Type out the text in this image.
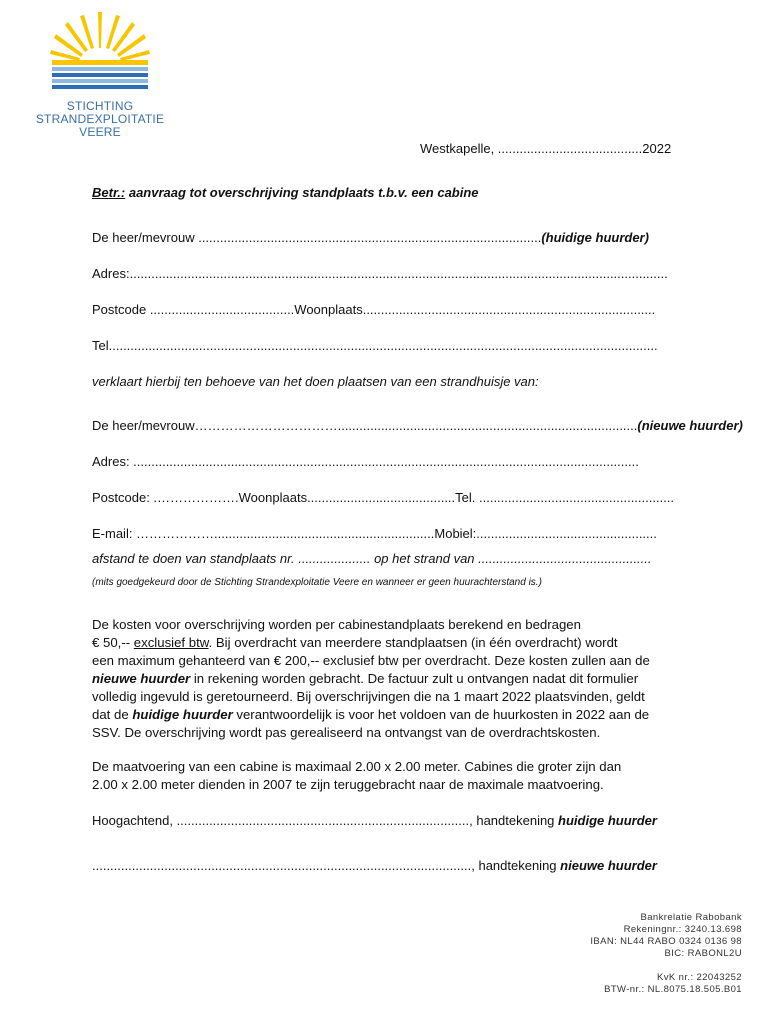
STICHTING
STRANDEXPLOITATIE
VEERE
Westkapelle, ........................................2022
Betr.: aanvraag tot overschrijving standplaats t.b.v. een cabine
De heer/mevrouw ...............................................................................................(huidige huurder)
Adres:.....................................................................................................................................................
Postcode ........................................Woonplaats.................................................................................
Tel........................................................................................................................................................
verklaart hierbij ten behoeve van het doen plaatsen van een strandhuisje van:
De heer/mevrouw……………………………...................................................................................(nieuwe huurder)
Adres: ............................................................................................................................................
Postcode: .……………….Woonplaats.........................................Tel. ......................................................
E-mail: ……………….............................................................Mobiel:..................................................
afstand te doen van standplaats nr. .................... op het strand van ................................................
(mits goedgekeurd door de Stichting Strandexploitatie Veere en wanneer er geen huurachterstand is.)

De kosten voor overschrijving worden per cabinestandplaats berekend en bedragen

€ 50,-- exclusief btw. Bij overdracht van meerdere standplaatsen (in één overdracht) wordt

een maximum gehanteerd van € 200,-- exclusief btw per overdracht. Deze kosten zullen aan de

nieuwe huurder in rekening worden gebracht. De factuur zult u ontvangen nadat dit formulier

volledig ingevuld is geretourneerd. Bij overschrijvingen die na 1 maart 2022 plaatsvinden, geldt

dat de huidige huurder verantwoordelijk is voor het voldoen van de huurkosten in 2022 aan de

SSV. De overschrijving wordt pas gerealiseerd na ontvangst van de overdrachtskosten.

De maatvoering van een cabine is maximaal 2.00 x 2.00 meter. Cabines die groter zijn dan

2.00 x 2.00 meter dienden in 2007 te zijn teruggebracht naar de maximale maatvoering.

Hoogachtend, ................................................................................., handtekening huidige huurder
........................................................................................................., handtekening nieuwe huurder
Bankrelatie Rabobank
Rekeningnr.: 3240.13.698
IBAN: NL44 RABO 0324 0136 98
BIC: RABONL2U
KvK nr.: 22043252
BTW-nr.: NL.8075.18.505.B01
